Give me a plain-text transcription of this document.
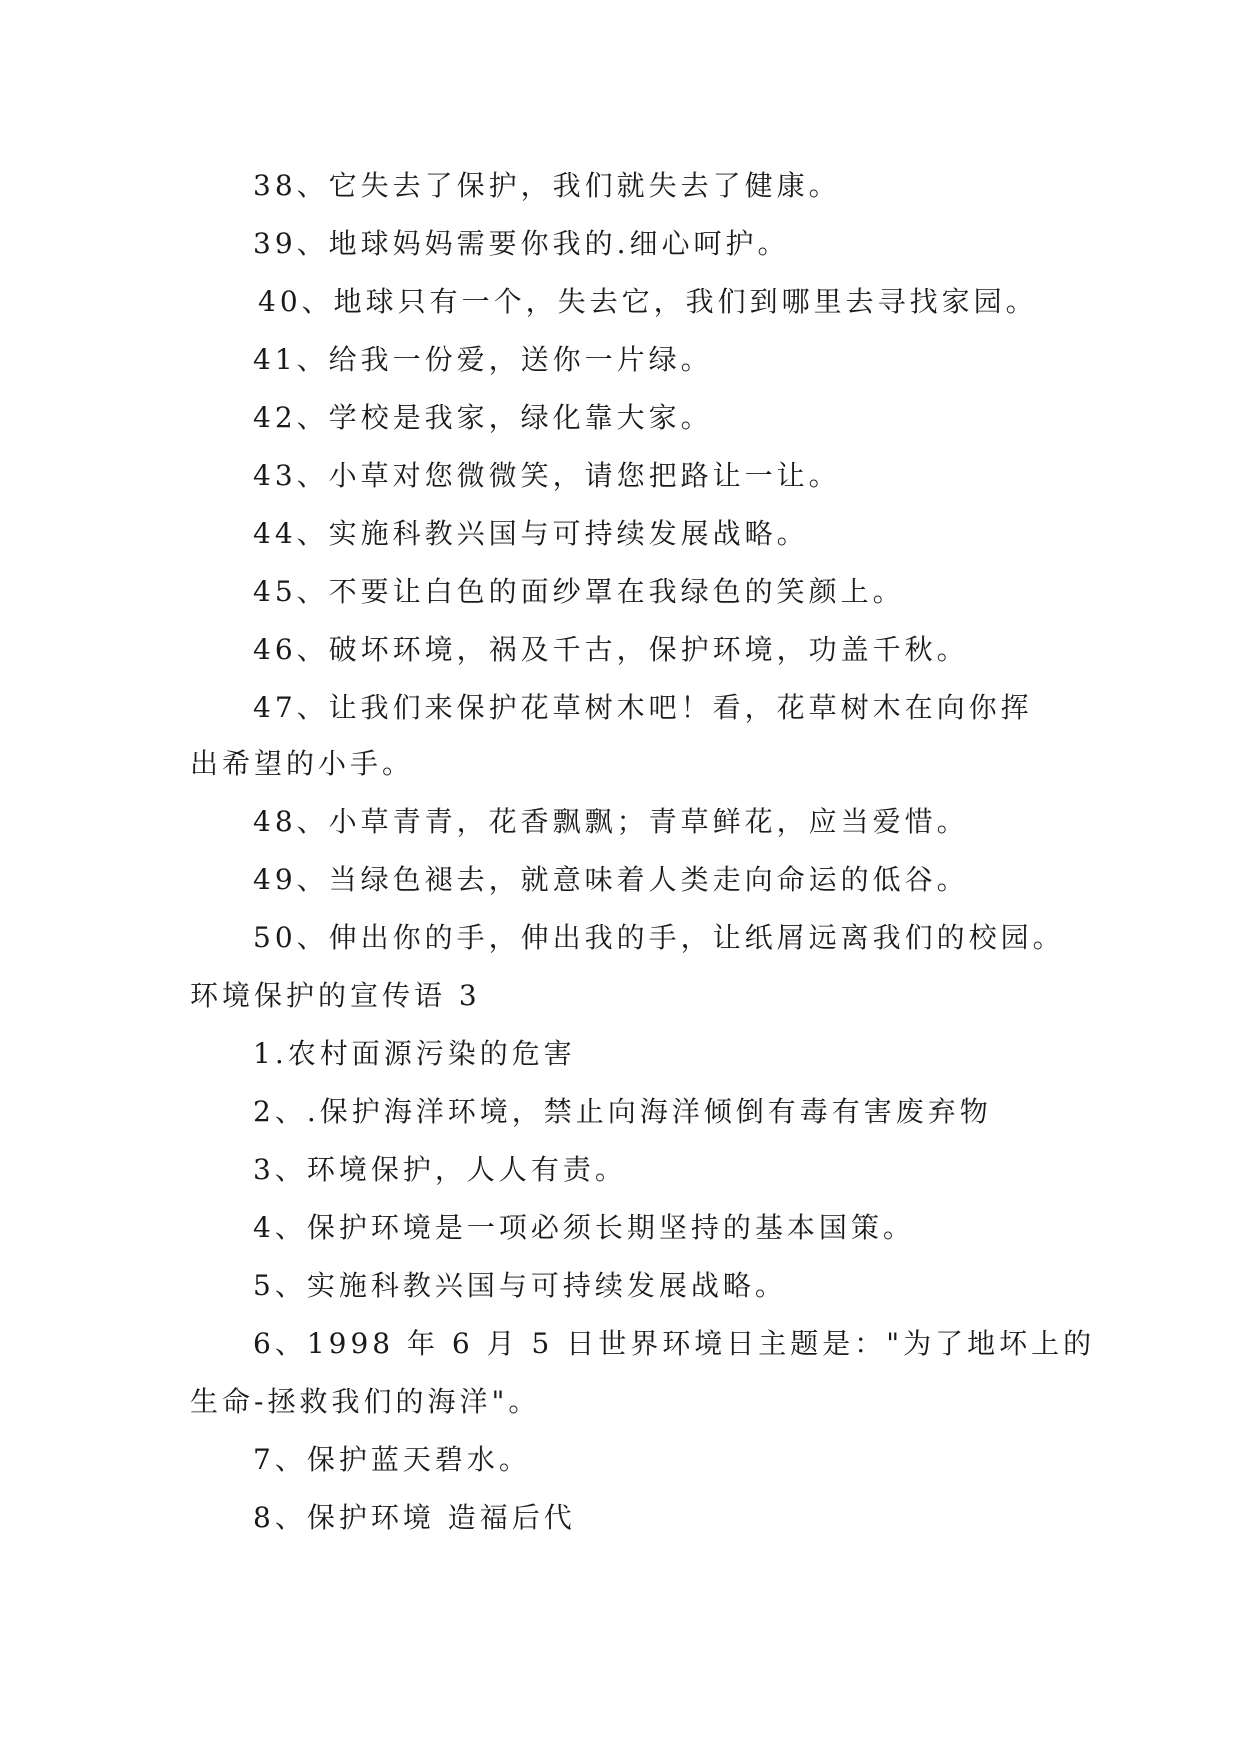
38、它失去了保护，我们就失去了健康。
39、地球妈妈需要你我的.细心呵护。
40、地球只有一个，失去它，我们到哪里去寻找家园。
41、给我一份爱，送你一片绿。
42、学校是我家，绿化靠大家。
43、小草对您微微笑，请您把路让一让。
44、实施科教兴国与可持续发展战略。
45、不要让白色的面纱罩在我绿色的笑颜上。
46、破坏环境，祸及千古，保护环境，功盖千秋。
47、让我们来保护花草树木吧！看，花草树木在向你挥
出希望的小手。
48、小草青青，花香飘飘；青草鲜花，应当爱惜。
49、当绿色褪去，就意味着人类走向命运的低谷。
50、伸出你的手，伸出我的手，让纸屑远离我们的校园。
环境保护的宣传语 3
1.农村面源污染的危害
2、.保护海洋环境，禁止向海洋倾倒有毒有害废弃物
3、环境保护，人人有责。
4、保护环境是一项必须长期坚持的基本国策。
5、实施科教兴国与可持续发展战略。
6、1998 年 6 月 5 日世界环境日主题是："为了地坏上的
生命-拯救我们的海洋"。
7、保护蓝天碧水。
8、保护环境 造福后代
